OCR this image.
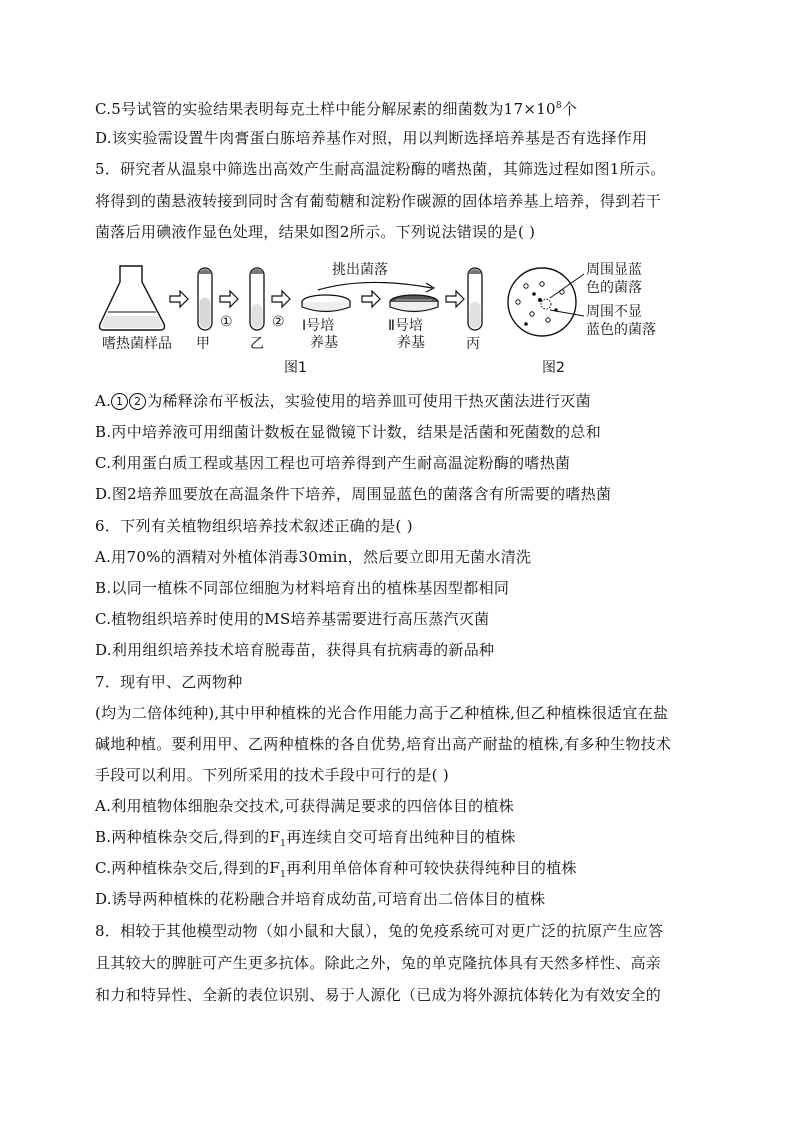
C.5号试管的实验结果表明每克土样中能分解尿素的细菌数为$17\times 10^8$个
D.该实验需设置牛肉膏蛋白胨培养基作对照，用以判断选择培养基是否有选择作用
5．研究者从温泉中筛选出高效产生耐高温淀粉酶的嗜热菌，其筛选过程如图1所示。
将得到的菌悬液转接到同时含有葡萄糖和淀粉作碳源的固体培养基上培养，得到若干
菌落后用碘液作显色处理，结果如图2所示。下列说法错误的是( )
嗜热菌样品 甲
①
乙
②
挑出菌落
Ⅰ号培
养基
Ⅱ号培
养基	丙
周围显蓝
色的菌落
周围不显
蓝色的菌落
图1	图2
A. 1 2 为稀释涂布平板法，实验使用的培养皿可使用干热灭菌法进行灭菌
B.丙中培养液可用细菌计数板在显微镜下计数，结果是活菌和死菌数的总和
C.利用蛋白质工程或基因工程也可培养得到产生耐高温淀粉酶的嗜热菌
D.图2培养皿要放在高温条件下培养，周围显蓝色的菌落含有所需要的嗜热菌
6．下列有关植物组织培养技术叙述正确的是( )
A.用70%的酒精对外植体消毒30min，然后要立即用无菌水清洗
B.以同一植株不同部位细胞为材料培育出的植株基因型都相同
C.植物组织培养时使用的MS培养基需要进行高压蒸汽灭菌
D.利用组织培养技术培育脱毒苗，获得具有抗病毒的新品种
7．现有甲、乙两物种
(均为二倍体纯种),其中甲种植株的光合作用能力高于乙种植株,但乙种植株很适宜在盐
碱地种植。要利用甲、乙两种植株的各自优势,培育出高产耐盐的植株,有多种生物技术
手段可以利用。下列所采用的技术手段中可行的是( )
A.利用植物体细胞杂交技术,可获得满足要求的四倍体目的植株
B.两种植株杂交后,得到的$F_1$再连续自交可培育出纯种目的植株
C.两种植株杂交后,得到的$F_1$再利用单倍体育种可较快获得纯种目的植株
D.诱导两种植株的花粉融合并培育成幼苗,可培育出二倍体目的植株
8．相较于其他模型动物（如小鼠和大鼠），兔的免疫系统可对更广泛的抗原产生应答
且其较大的脾脏可产生更多抗体。除此之外，兔的单克隆抗体具有天然多样性、高亲
和力和特异性、全新的表位识别、易于人源化（已成为将外源抗体转化为有效安全的
